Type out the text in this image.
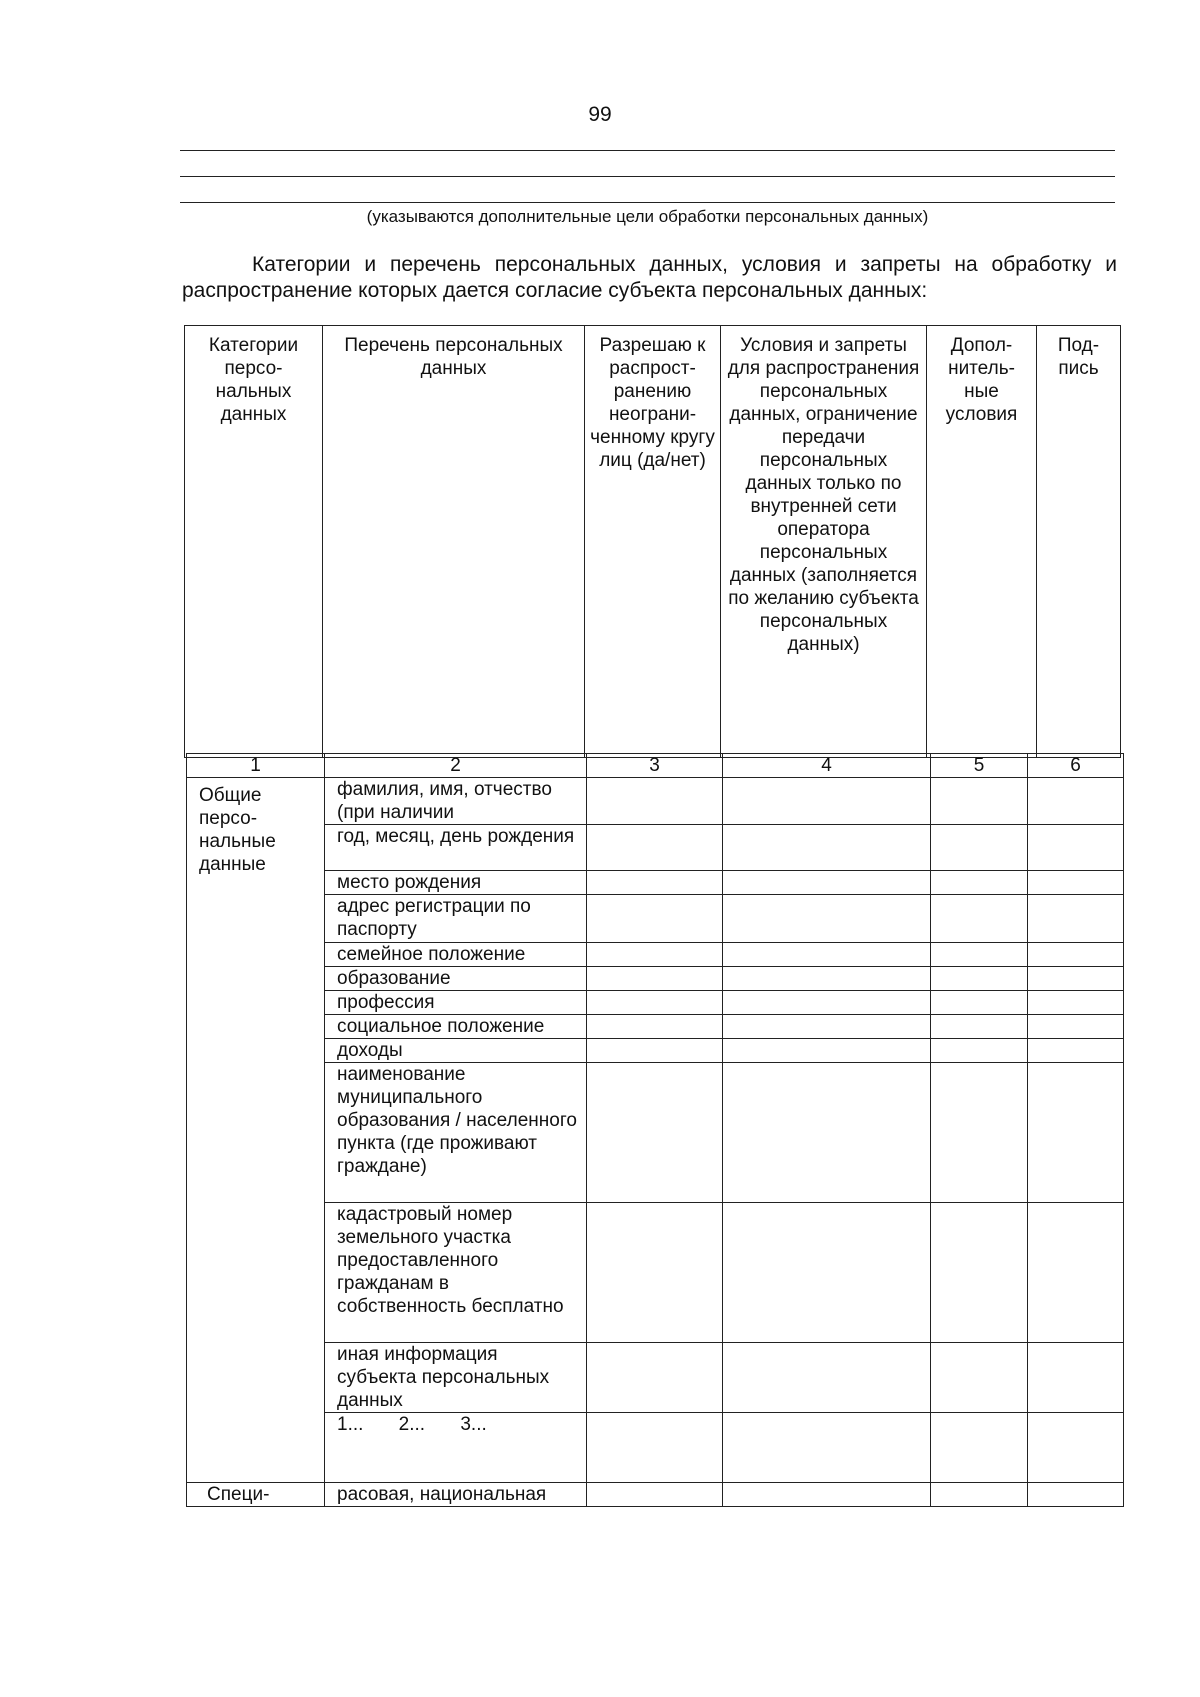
99
(указываются дополнительные цели обработки персональных данных)

Категории и перечень персональных данных, условия и запреты на обработку и распространение которых дается согласие субъекта персональных данных:

Категории персо-нальных данных	Перечень персональных данных	Разрешаю к распрост-ранению неограни-ченному кругу лиц (да/нет)	Условия и запреты для распространения персональных данных, ограничение передачи персональных данных только по внутренней сети оператора персональных данных (заполняется по желанию субъекта персональных данных)	Допол-нитель-ные условия	Под-пись
1	2	3	4	5	6
Общие персо-нальные данные	фамилия, имя, отчество (при наличии				
	год, месяц, день рождения				
	место рождения				
	адрес регистрации по паспорту				
	семейное положение				
	образование				
	профессия				
	социальное положение				
	доходы				
	наименование муниципального образования / населенного пункта (где проживают граждане)				
	кадастровый номер земельного участка предоставленного гражданам в собственность бесплатно				
	иная информация субъекта персональных данных				
	1... 2... 3...				
Специ-	расовая, национальная				
